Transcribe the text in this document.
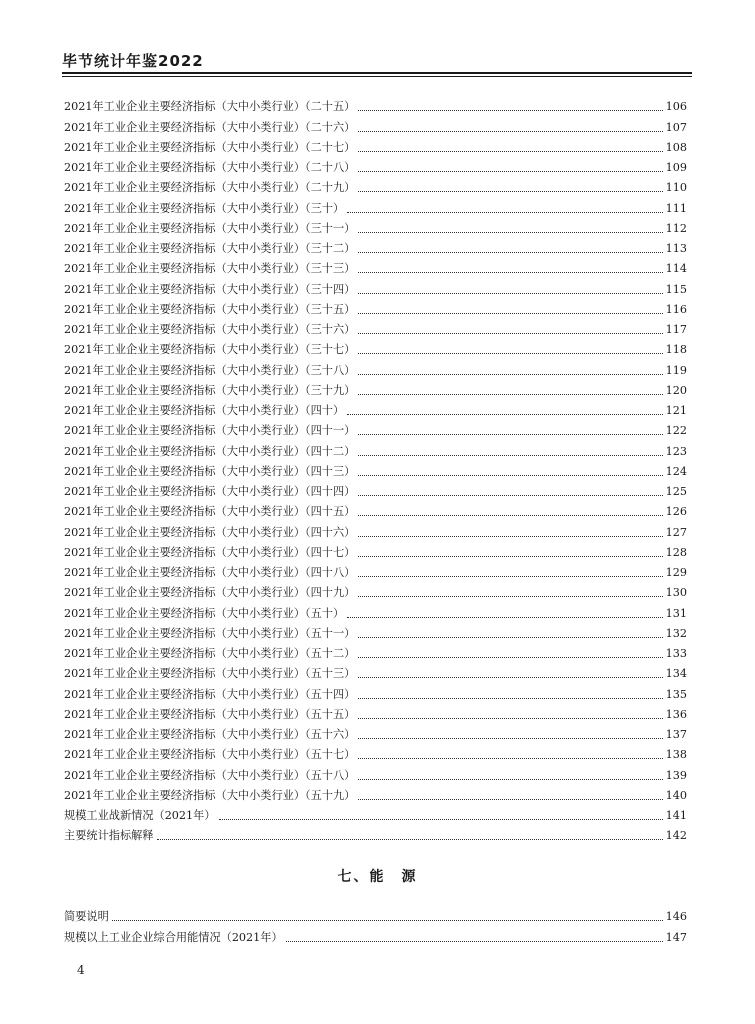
毕节统计年鉴2022
2021年工业企业主要经济指标（大中小类行业）（二十五）	106
2021年工业企业主要经济指标（大中小类行业）（二十六）	107
2021年工业企业主要经济指标（大中小类行业）（二十七）	108
2021年工业企业主要经济指标（大中小类行业）（二十八）	109
2021年工业企业主要经济指标（大中小类行业）（二十九）	110
2021年工业企业主要经济指标（大中小类行业）（三十）	111
2021年工业企业主要经济指标（大中小类行业）（三十一）	112
2021年工业企业主要经济指标（大中小类行业）（三十二）	113
2021年工业企业主要经济指标（大中小类行业）（三十三）	114
2021年工业企业主要经济指标（大中小类行业）（三十四）	115
2021年工业企业主要经济指标（大中小类行业）（三十五）	116
2021年工业企业主要经济指标（大中小类行业）（三十六）	117
2021年工业企业主要经济指标（大中小类行业）（三十七）	118
2021年工业企业主要经济指标（大中小类行业）（三十八）	119
2021年工业企业主要经济指标（大中小类行业）（三十九）	120
2021年工业企业主要经济指标（大中小类行业）（四十）	121
2021年工业企业主要经济指标（大中小类行业）（四十一）	122
2021年工业企业主要经济指标（大中小类行业）（四十二）	123
2021年工业企业主要经济指标（大中小类行业）（四十三）	124
2021年工业企业主要经济指标（大中小类行业）（四十四）	125
2021年工业企业主要经济指标（大中小类行业）（四十五）	126
2021年工业企业主要经济指标（大中小类行业）（四十六）	127
2021年工业企业主要经济指标（大中小类行业）（四十七）	128
2021年工业企业主要经济指标（大中小类行业）（四十八）	129
2021年工业企业主要经济指标（大中小类行业）（四十九）	130
2021年工业企业主要经济指标（大中小类行业）（五十）	131
2021年工业企业主要经济指标（大中小类行业）（五十一）	132
2021年工业企业主要经济指标（大中小类行业）（五十二）	133
2021年工业企业主要经济指标（大中小类行业）（五十三）	134
2021年工业企业主要经济指标（大中小类行业）（五十四）	135
2021年工业企业主要经济指标（大中小类行业）（五十五）	136
2021年工业企业主要经济指标（大中小类行业）（五十六）	137
2021年工业企业主要经济指标（大中小类行业）（五十七）	138
2021年工业企业主要经济指标（大中小类行业）（五十八）	139
2021年工业企业主要经济指标（大中小类行业）（五十九）	140
规模工业战新情况（2021年）	141
主要统计指标解释	142
七、能　源
简要说明	146
规模以上工业企业综合用能情况（2021年）	147
4
